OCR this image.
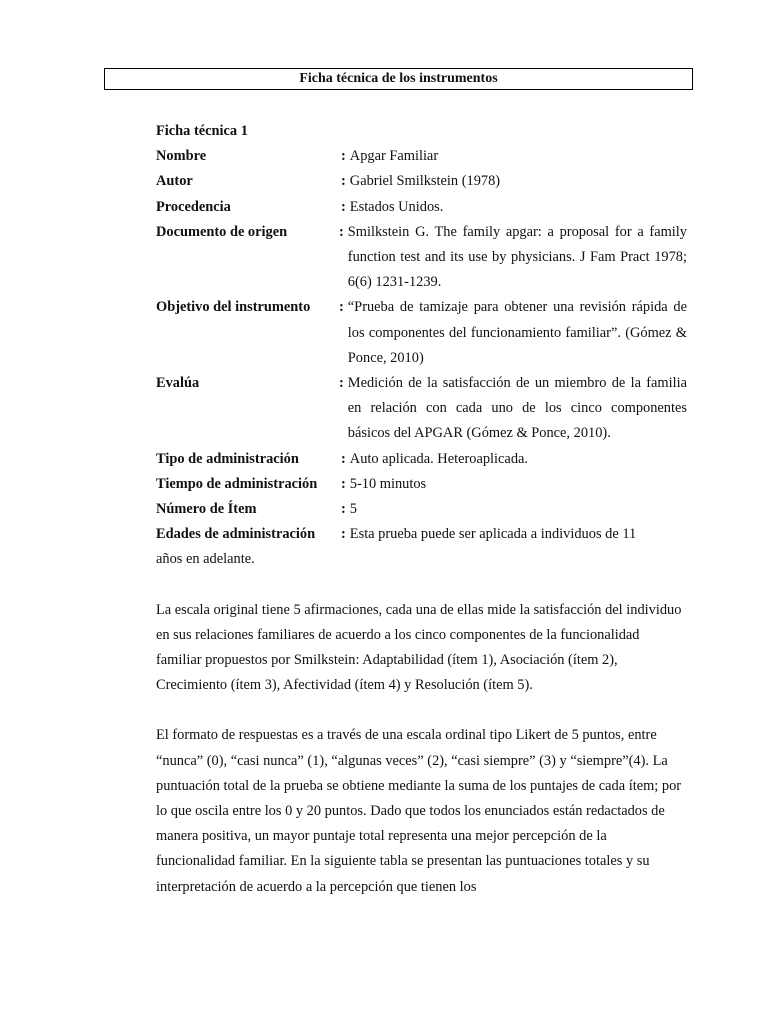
Ficha técnica de los instrumentos

Ficha técnica 1

Nombre	: Apgar Familiar
Autor	: Gabriel Smilkstein (1978)
Procedencia	: Estados Unidos.
Documento de origen	: Smilkstein G. The family apgar: a proposal for a family function test and its use by physicians. J Fam Pract 1978; 6(6) 1231-1239.
Objetivo del instrumento	: “Prueba de tamizaje para obtener una revisión rápida de los componentes del funcionamiento familiar”. (Gómez & Ponce, 2010)
Evalúa	: Medición de la satisfacción de un miembro de la familia en relación con cada uno de los cinco componentes básicos del APGAR (Gómez & Ponce, 2010).
Tipo de administración	: Auto aplicada. Heteroaplicada.
Tiempo de administración	: 5-10 minutos
Número de Ítem	: 5
Edades de administración	: Esta prueba puede ser aplicada a individuos de 11

años en adelante.

La escala original tiene 5 afirmaciones, cada una de ellas mide la satisfacción del individuo en sus relaciones familiares de acuerdo a los cinco componentes de la funcionalidad familiar propuestos por Smilkstein: Adaptabilidad (ítem 1), Asociación (ítem 2), Crecimiento (ítem 3), Afectividad (ítem 4) y Resolución (ítem 5).

El formato de respuestas es a través de una escala ordinal tipo Likert de 5 puntos, entre “nunca” (0), “casi nunca” (1), “algunas veces” (2), “casi siempre” (3) y “siempre”(4). La puntuación total de la prueba se obtiene mediante la suma de los puntajes de cada ítem; por lo que oscila entre los 0 y 20 puntos. Dado que todos los enunciados están redactados de manera positiva, un mayor puntaje total representa una mejor percepción de la funcionalidad familiar. En la siguiente tabla se presentan las puntuaciones totales y su interpretación de acuerdo a la percepción que tienen los
